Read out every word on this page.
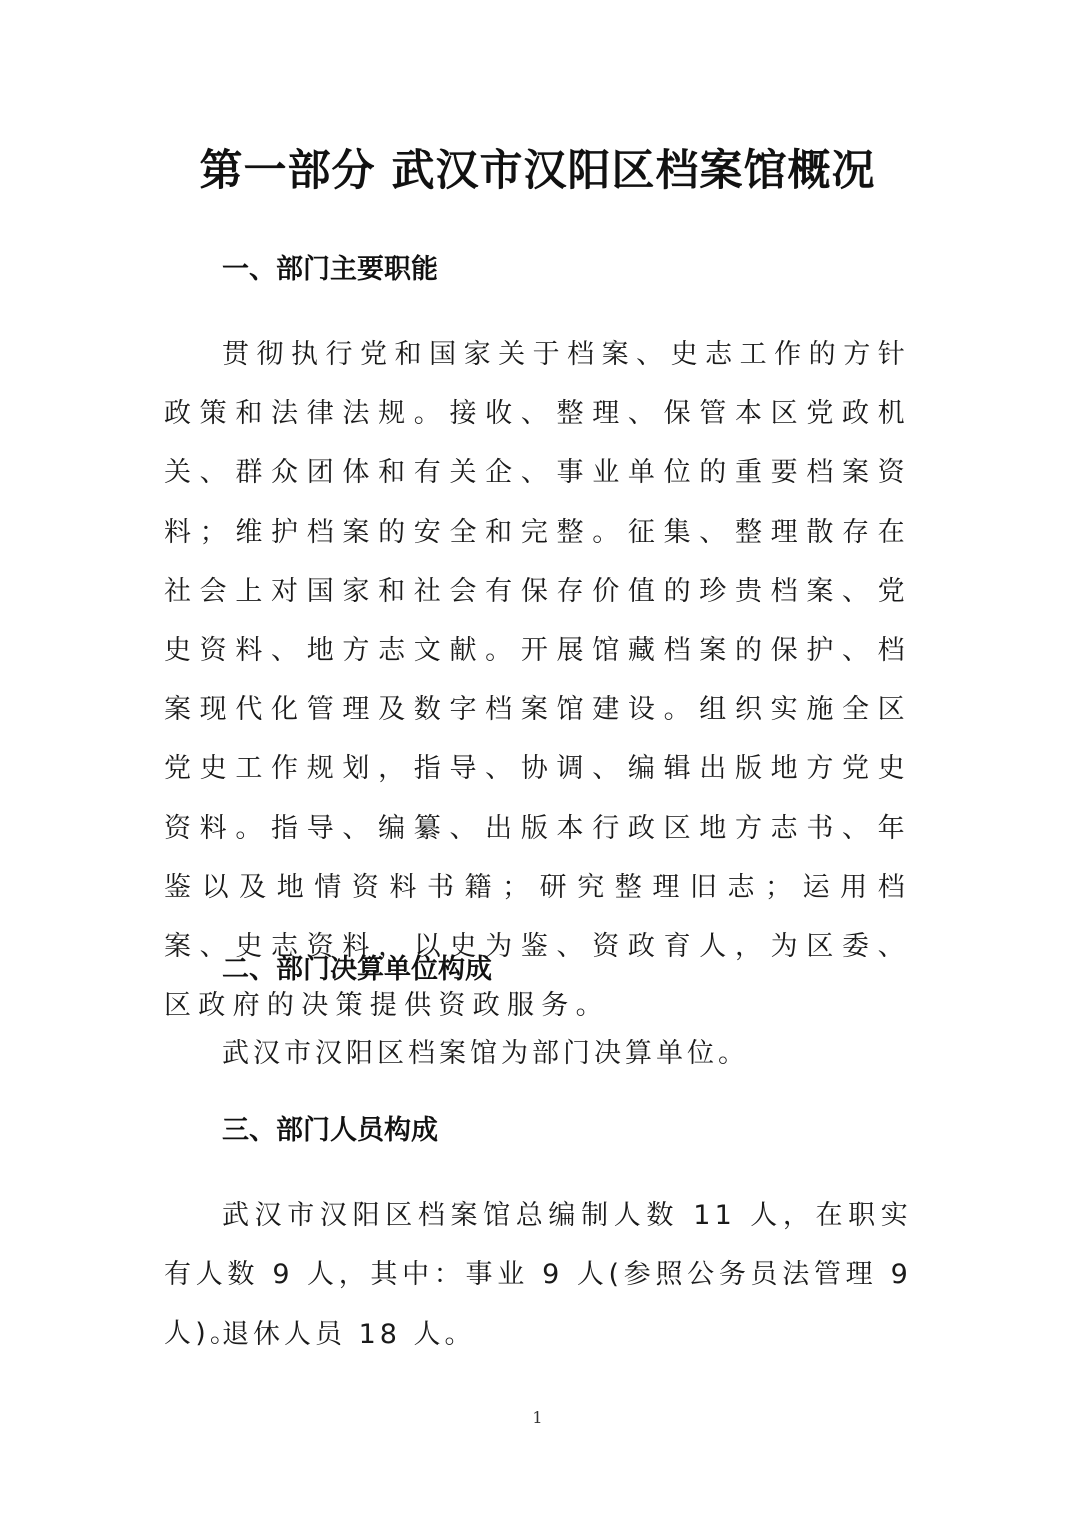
第一部分 武汉市汉阳区档案馆概况
一、部门主要职能

贯彻执行党和国家关于档案、史志工作的方针政策和法律法规。接收、整理、保管本区党政机关、群众团体和有关企、事业单位的重要档案资料；维护档案的安全和完整。征集、整理散存在社会上对国家和社会有保存价值的珍贵档案、党史资料、地方志文献。开展馆藏档案的保护、档案现代化管理及数字档案馆建设。组织实施全区党史工作规划，指导、协调、编辑出版地方党史资料。指导、编纂、出版本行政区地方志书、年鉴以及地情资料书籍；研究整理旧志；运用档案、史志资料，以史为鉴、资政育人，为区委、区政府的决策提供资政服务。

二、部门决算单位构成

武汉市汉阳区档案馆为部门决算单位。

三、部门人员构成

武汉市汉阳区档案馆总编制人数 11 人，在职实有人数 9 人，其中：事业 9 人(参照公务员法管理 9 人)。

退休人员 18 人。

1
